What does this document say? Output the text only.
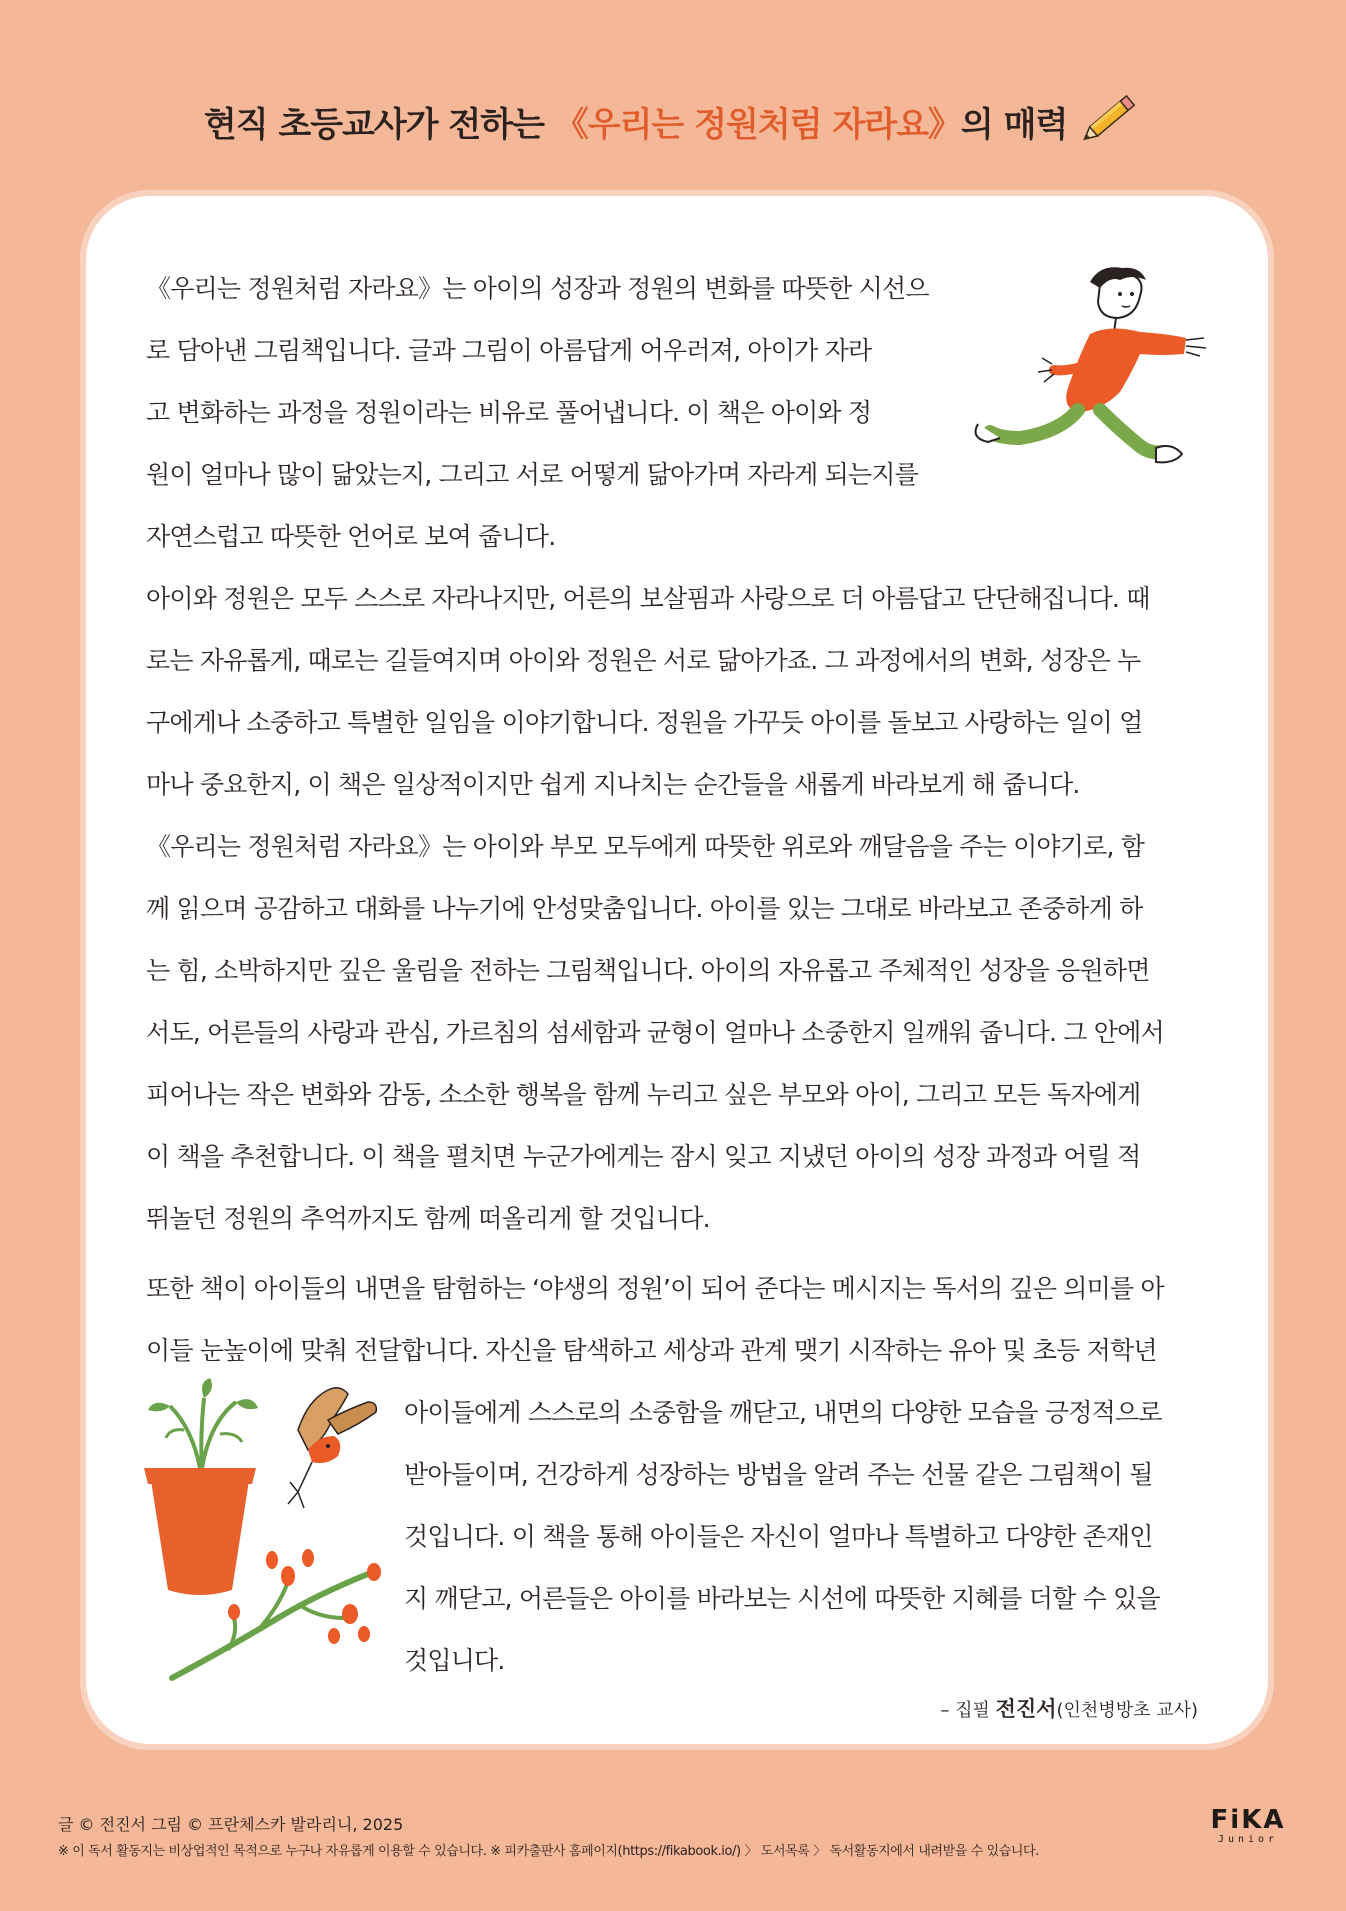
현직 초등교사가 전하는 《우리는 정원처럼 자라요》의 매력
《우리는 정원처럼 자라요》는 아이의 성장과 정원의 변화를 따뜻한 시선으
로 담아낸 그림책입니다. 글과 그림이 아름답게 어우러져, 아이가 자라
고 변화하는 과정을 정원이라는 비유로 풀어냅니다. 이 책은 아이와 정
원이 얼마나 많이 닮았는지, 그리고 서로 어떻게 닮아가며 자라게 되는지를
자연스럽고 따뜻한 언어로 보여 줍니다.
아이와 정원은 모두 스스로 자라나지만, 어른의 보살핌과 사랑으로 더 아름답고 단단해집니다. 때
로는 자유롭게, 때로는 길들여지며 아이와 정원은 서로 닮아가죠. 그 과정에서의 변화, 성장은 누
구에게나 소중하고 특별한 일임을 이야기합니다. 정원을 가꾸듯 아이를 돌보고 사랑하는 일이 얼
마나 중요한지, 이 책은 일상적이지만 쉽게 지나치는 순간들을 새롭게 바라보게 해 줍니다.
《우리는 정원처럼 자라요》는 아이와 부모 모두에게 따뜻한 위로와 깨달음을 주는 이야기로, 함
께 읽으며 공감하고 대화를 나누기에 안성맞춤입니다. 아이를 있는 그대로 바라보고 존중하게 하
는 힘, 소박하지만 깊은 울림을 전하는 그림책입니다. 아이의 자유롭고 주체적인 성장을 응원하면
서도, 어른들의 사랑과 관심, 가르침의 섬세함과 균형이 얼마나 소중한지 일깨워 줍니다. 그 안에서
피어나는 작은 변화와 감동, 소소한 행복을 함께 누리고 싶은 부모와 아이, 그리고 모든 독자에게
이 책을 추천합니다. 이 책을 펼치면 누군가에게는 잠시 잊고 지냈던 아이의 성장 과정과 어릴 적
뛰놀던 정원의 추억까지도 함께 떠올리게 할 것입니다.
또한 책이 아이들의 내면을 탐험하는 ‘야생의 정원’이 되어 준다는 메시지는 독서의 깊은 의미를 아
이들 눈높이에 맞춰 전달합니다. 자신을 탐색하고 세상과 관계 맺기 시작하는 유아 및 초등 저학년
아이들에게 스스로의 소중함을 깨닫고, 내면의 다양한 모습을 긍정적으로
받아들이며, 건강하게 성장하는 방법을 알려 주는 선물 같은 그림책이 될
것입니다. 이 책을 통해 아이들은 자신이 얼마나 특별하고 다양한 존재인
지 깨닫고, 어른들은 아이를 바라보는 시선에 따뜻한 지혜를 더할 수 있을
것입니다.
– 집필 전진서(인천병방초 교사)
글 © 전진서 그림 © 프란체스카 발라리니, 2025
※ 이 독서 활동지는 비상업적인 목적으로 누구나 자유롭게 이용할 수 있습니다. ※ 피카출판사 홈페이지(https://fikabook.io/) 〉 도서목록 〉 독서활동지에서 내려받을 수 있습니다.
FiKA
Junior
